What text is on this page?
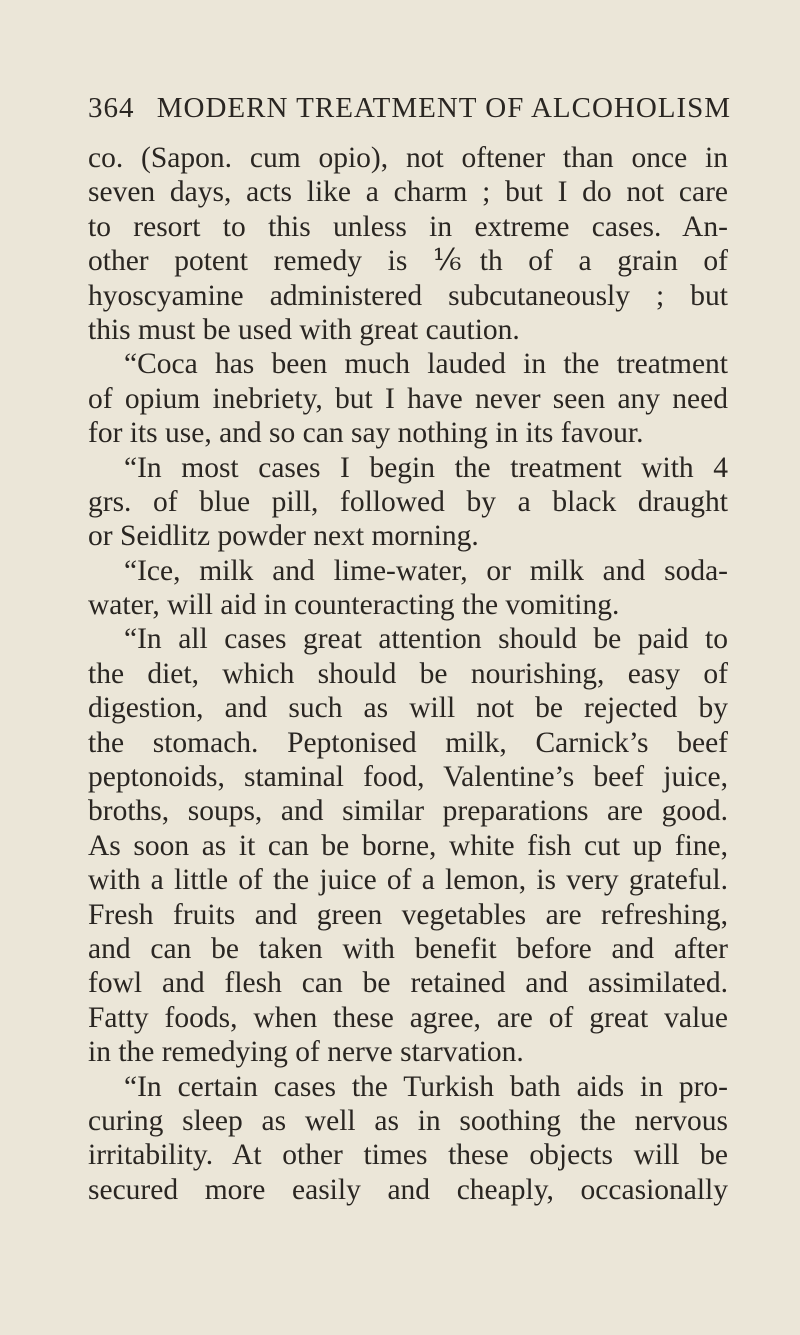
364 MODERN TREATMENT OF ALCOHOLISM
co. (Sapon. cum opio), not oftener than once in
seven days, acts like a charm ; but I do not care
to resort to this unless in extreme cases. An-
other potent remedy is ⅙th of a grain of
hyoscyamine administered subcutaneously ; but
this must be used with great caution.
“Coca has been much lauded in the treatment
of opium inebriety, but I have never seen any need
for its use, and so can say nothing in its favour.
“In most cases I begin the treatment with 4
grs. of blue pill, followed by a black draught
or Seidlitz powder next morning.
“Ice, milk and lime-water, or milk and soda-
water, will aid in counteracting the vomiting.
“In all cases great attention should be paid to
the diet, which should be nourishing, easy of
digestion, and such as will not be rejected by
the stomach. Peptonised milk, Carnick’s beef
peptonoids, staminal food, Valentine’s beef juice,
broths, soups, and similar preparations are good.
As soon as it can be borne, white fish cut up fine,
with a little of the juice of a lemon, is very grateful.
Fresh fruits and green vegetables are refreshing,
and can be taken with benefit before and after
fowl and flesh can be retained and assimilated.
Fatty foods, when these agree, are of great value
in the remedying of nerve starvation.
“In certain cases the Turkish bath aids in pro-
curing sleep as well as in soothing the nervous
irritability. At other times these objects will be
secured more easily and cheaply, occasionally
